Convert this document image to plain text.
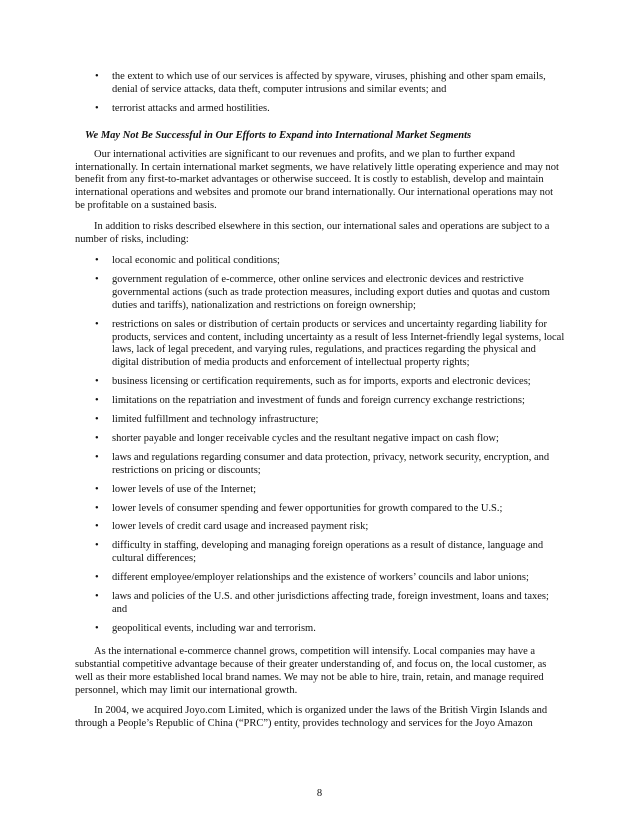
• the extent to which use of our services is affected by spyware, viruses, phishing and other spam emails, denial of service attacks, data theft, computer intrusions and similar events; and
• terrorist attacks and armed hostilities.
We May Not Be Successful in Our Efforts to Expand into International Market Segments

Our international activities are significant to our revenues and profits, and we plan to further expand internationally. In certain international market segments, we have relatively little operating experience and may not benefit from any first-to-market advantages or otherwise succeed. It is costly to establish, develop and maintain international operations and websites and promote our brand internationally. Our international operations may not be profitable on a sustained basis.

In addition to risks described elsewhere in this section, our international sales and operations are subject to a number of risks, including:

• local economic and political conditions;
• government regulation of e-commerce, other online services and electronic devices and restrictive governmental actions (such as trade protection measures, including export duties and quotas and custom duties and tariffs), nationalization and restrictions on foreign ownership;
• restrictions on sales or distribution of certain products or services and uncertainty regarding liability for products, services and content, including uncertainty as a result of less Internet-friendly legal systems, local laws, lack of legal precedent, and varying rules, regulations, and practices regarding the physical and digital distribution of media products and enforcement of intellectual property rights;
• business licensing or certification requirements, such as for imports, exports and electronic devices;
• limitations on the repatriation and investment of funds and foreign currency exchange restrictions;
• limited fulfillment and technology infrastructure;
• shorter payable and longer receivable cycles and the resultant negative impact on cash flow;
• laws and regulations regarding consumer and data protection, privacy, network security, encryption, and restrictions on pricing or discounts;
• lower levels of use of the Internet;
• lower levels of consumer spending and fewer opportunities for growth compared to the U.S.;
• lower levels of credit card usage and increased payment risk;
• difficulty in staffing, developing and managing foreign operations as a result of distance, language and cultural differences;
• different employee/employer relationships and the existence of workers’ councils and labor unions;
• laws and policies of the U.S. and other jurisdictions affecting trade, foreign investment, loans and taxes; and
• geopolitical events, including war and terrorism.

As the international e-commerce channel grows, competition will intensify. Local companies may have a substantial competitive advantage because of their greater understanding of, and focus on, the local customer, as well as their more established local brand names. We may not be able to hire, train, retain, and manage required personnel, which may limit our international growth.

In 2004, we acquired Joyo.com Limited, which is organized under the laws of the British Virgin Islands and through a People’s Republic of China (“PRC”) entity, provides technology and services for the Joyo Amazon

8
